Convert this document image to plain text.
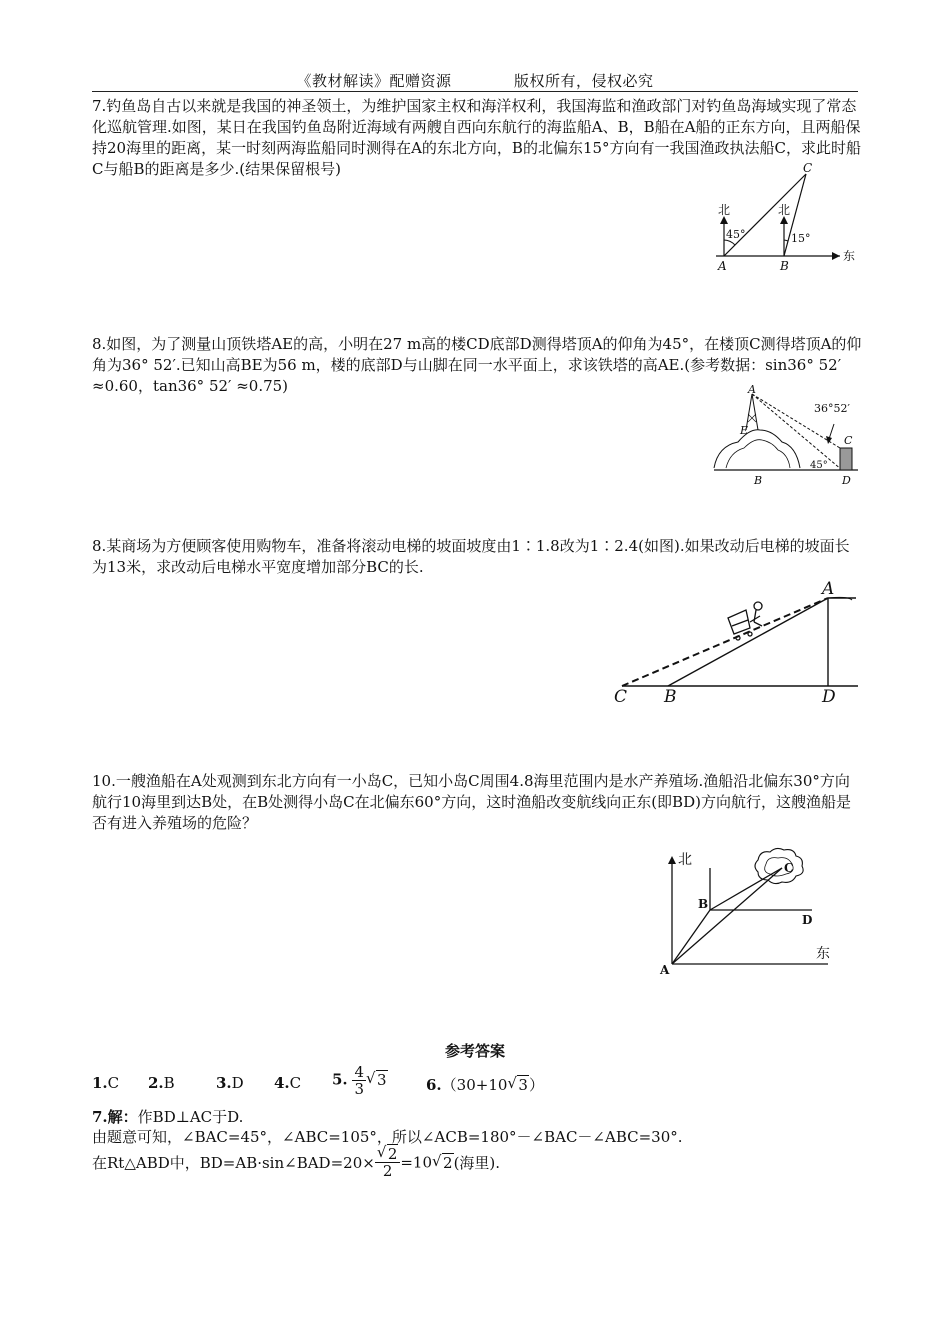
《教材解读》配赠资源	版权所有，侵权必究
7.钓鱼岛自古以来就是我国的神圣领土，为维护国家主权和海洋权利，我国海监和渔政部门对钓鱼岛海域实现了常态化巡航管理.如图，某日在我国钓鱼岛附近海域有两艘自西向东航行的海监船A、B，B船在A船的正东方向，且两船保持20海里的距离，某一时刻两海监船同时测得在A的东北方向，B的北偏东15°方向有一我国渔政执法船C，求此时船C与船B的距离是多少.(结果保留根号)
北	北
东
45°	15°
A	B
C
8.如图，为了测量山顶铁塔AE的高，小明在27 m高的楼CD底部D测得塔顶A的仰角为45°，在楼顶C测得塔顶A的仰角为36° 52′.已知山高BE为56 m，楼的底部D与山脚在同一水平面上，求该铁塔的高AE.(参考数据：sin36° 52′ ≈0.60，tan36° 52′ ≈0.75)	A
E
B
C
D
36°52′
45°
8.某商场为方便顾客使用购物车，准备将滚动电梯的坡面坡度由1∶1.8改为1∶2.4(如图).如果改动后电梯的坡面长为13米，求改动后电梯水平宽度增加部分BC的长.
C B	D
A
10.一艘渔船在A处观测到东北方向有一小岛C，已知小岛C周围4.8海里范围内是水产养殖场.渔船沿北偏东30°方向航行10海里到达B处，在B处测得小岛C在北偏东60°方向，这时渔船改变航线向正东(即BD)方向航行，这艘渔船是否有进入养殖场的危险？
北
东
A
B
C
D
参考答案
1.C 2.B	3.D 4.C 5. $\frac{4}{3}$
√ 3	6.（30+10√ 3）
7.解：作BD⊥AC于D.
由题意可知，∠BAC=45°，∠ABC=105°，所以∠ACB=180°－∠BAC－∠ABC=30°.
在Rt△ABD中，BD=AB·sin∠BAD=20×
√ $\frac{2}{2} =10√$ 2(海里).
